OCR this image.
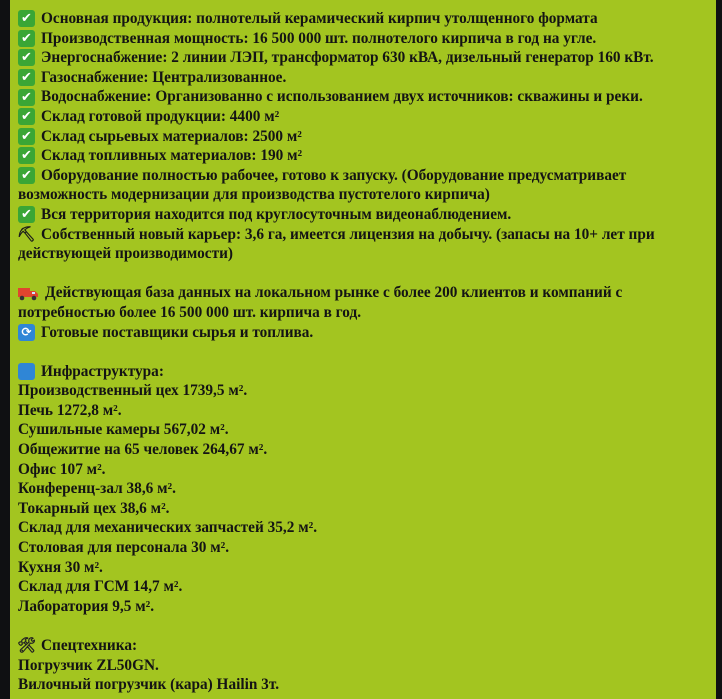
✔ Основная продукция: полнотелый керамический кирпич утолщенного формата
✔ Производственная мощность: 16 500 000 шт. полнотелого кирпича в год на угле.
✔ Энергоснабжение: 2 линии ЛЭП, трансформатор 630 кВА, дизельный генератор 160 кВт.
✔ Газоснабжение: Централизованное.
✔ Водоснабжение: Организованно с использованием двух источников: скважины и реки.
✔ Склад готовой продукции: 4400 м²
✔ Склад сырьевых материалов: 2500 м²
✔ Склад топливных материалов: 190 м²
✔ Оборудование полностью рабочее, готово к запуску. (Оборудование предусматривает
возможность модернизации для производства пустотелого кирпича)
✔ Вся территория находится под круглосуточным видеонаблюдением.
⛏ Собственный новый карьер: 3,6 га, имеется лицензия на добычу. (запасы на 10+ лет при
действующей производимости)
Действующая база данных на локальном рынке с более 200 клиентов и компаний с
потребностью более 16 500 000 шт. кирпича в год.
⟳ Готовые поставщики сырья и топлива.
Инфраструктура:
Производственный цех 1739,5 м².
Печь 1272,8 м².
Сушильные камеры 567,02 м².
Общежитие на 65 человек 264,67 м².
Офис 107 м².
Конференц-зал 38,6 м².
Токарный цех 38,6 м².
Склад для механических запчастей 35,2 м².
Столовая для персонала 30 м².
Кухня 30 м².
Склад для ГСМ 14,7 м².
Лаборатория 9,5 м².
🛠 Спецтехника:
Погрузчик ZL50GN.
Вилочный погрузчик (кара) Hailin 3т.
